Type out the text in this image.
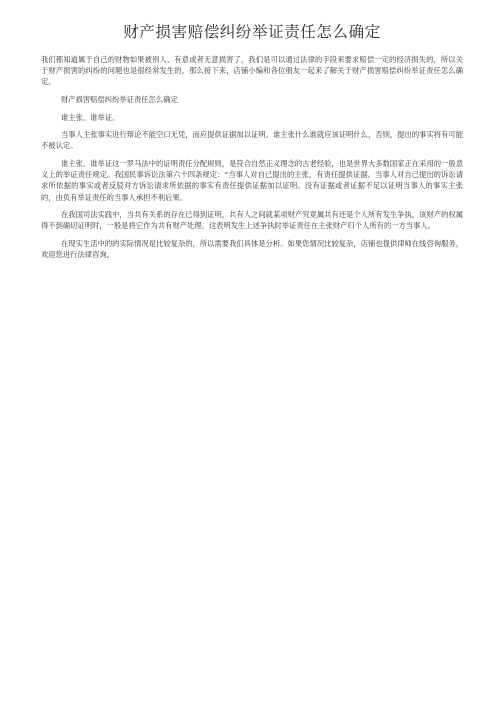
财产损害赔偿纠纷举证责任怎么确定

我们都知道属于自己的财物如果被别人、有意或者无意损害了，我们是可以通过法律的手段来要求赔偿一定的经济损失的，所以关于财产损害的纠纷的问题也是很经常发生的。那么接下来，店铺小编和各位朋友一起来了解关于财产损害赔偿纠纷举证责任怎么确定。

财产损害赔偿纠纷举证责任怎么确定

谁主张、谁举证。

当事人主张事实进行辩论不能空口无凭，而应提供证据加以证明。谁主张什么谁就应该证明什么，否则，提出的事实将有可能不被认定。

谁主张、谁举证这一罗马法中的证明责任分配规则，是符合自然正义理念的古老经验，也是世界大多数国家正在采用的一般意义上的举证责任规定。我国民事诉讼法第六十四条规定：“当事人对自己提出的主张，有责任提供证据。当事人对自己提出的诉讼请求所依据的事实或者反驳对方诉讼请求所依据的事实有责任提供证据加以证明。没有证据或者证据不足以证明当事人的事实主张的，由负有举证责任的当事人承担不利后果。

在我国司法实践中，当共有关系的存在已得到证明，共有人之间就某项财产究竟属共有还是个人所有发生争执，该财产的权属得不到确切证明时，一般是将它作为共有财产处理。这表明发生上述争执时举证责任在主张财产归个人所有的一方当事人。

在现实生活中的的实际情况是比较复杂的，所以需要我们具体是分析。如果您情况比较复杂，店铺也提供律师在线咨询服务，欢迎您进行法律咨询。
